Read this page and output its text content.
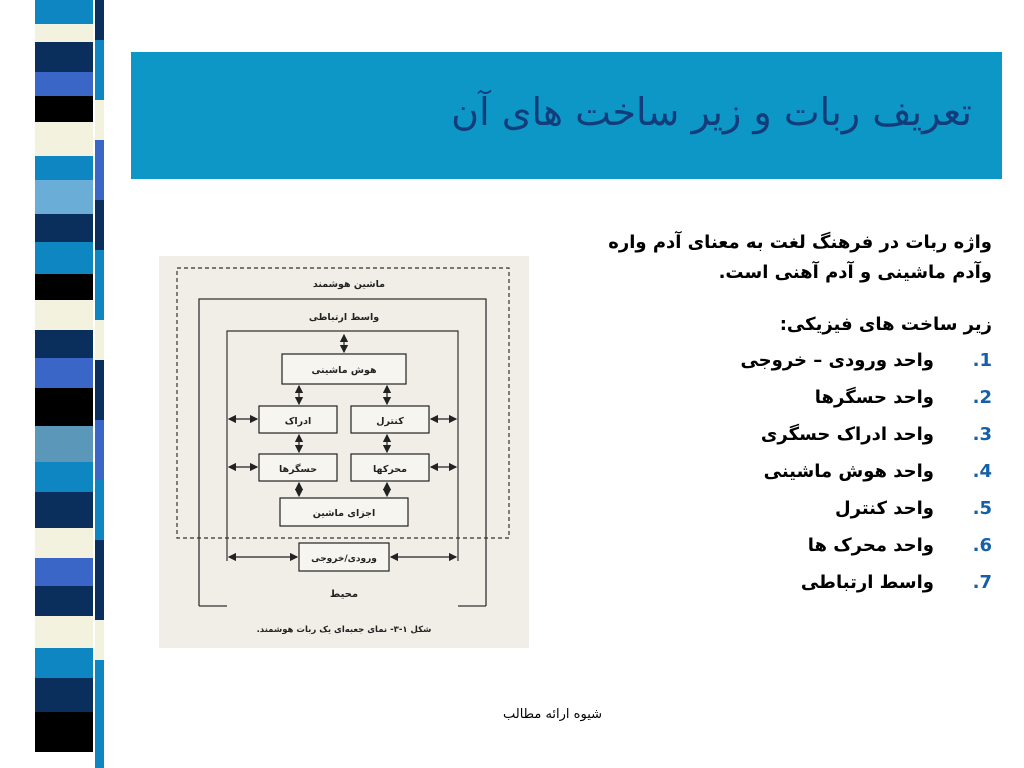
تعریف ربات و زیر ساخت های آن

واژه ربات در فرهنگ لغت به معنای آدم واره وآدم ماشینی و آدم آهنی است.

زیر ساخت های فیزیکی:

1.
واحد ورودی – خروجی
2.
واحد حسگرها
3.
واحد ادراک حسگری
4.
واحد هوش ماشینی
5.
واحد کنترل
6.
واحد محرک ها
7.
واسط ارتباطی
ماشین هوشمند
واسط ارتباطی
هوش ماشینی
ادراک	کنترل
حسگرها	محرکها
اجزای ماشین
ورودی/خروجی
محیط
شکل ۱-۳- نمای جعبه‌ای یک ربات هوشمند.
شیوه ارائه مطالب
